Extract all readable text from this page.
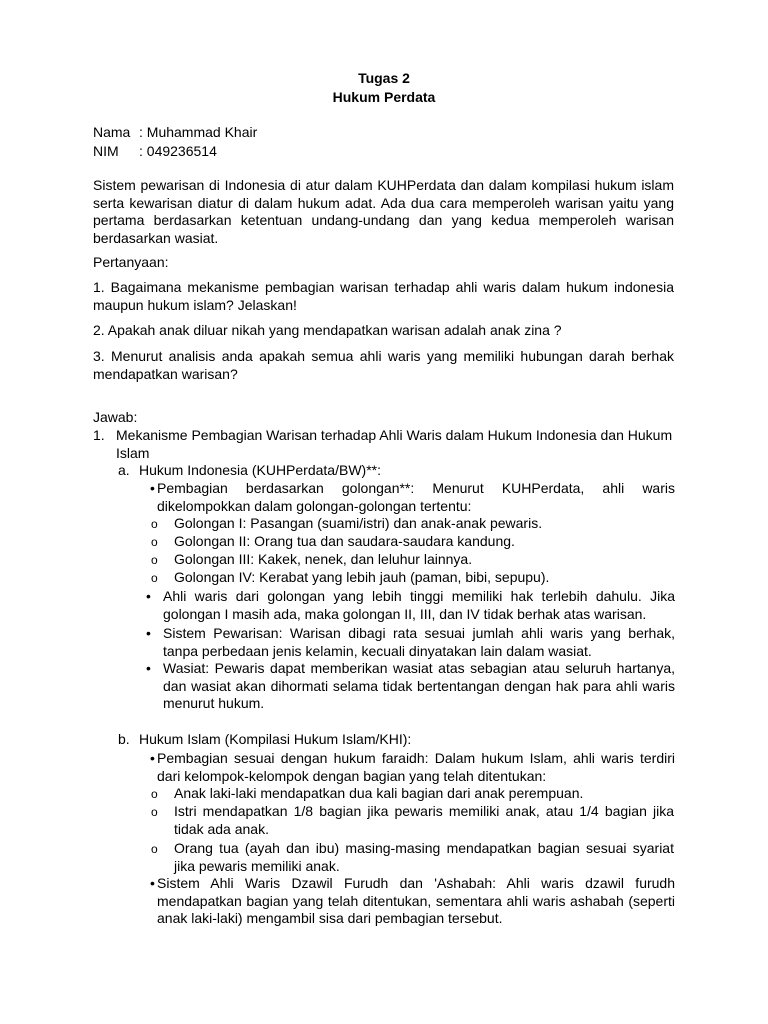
Tugas 2
Hukum Perdata
Nama : Muhammad Khair
NIM : 049236514

Sistem pewarisan di Indonesia di atur dalam KUHPerdata dan dalam kompilasi hukum islam serta kewarisan diatur di dalam hukum adat. Ada dua cara memperoleh warisan yaitu yang pertama berdasarkan ketentuan undang-undang dan yang kedua memperoleh warisan berdasarkan wasiat.

Pertanyaan:

1. Bagaimana mekanisme pembagian warisan terhadap ahli waris dalam hukum indonesia maupun hukum islam? Jelaskan!

2. Apakah anak diluar nikah yang mendapatkan warisan adalah anak zina ?

3. Menurut analisis anda apakah semua ahli waris yang memiliki hubungan darah berhak mendapatkan warisan?

Jawab:

1. Mekanisme Pembagian Warisan terhadap Ahli Waris dalam Hukum Indonesia dan Hukum Islam
a. Hukum Indonesia (KUHPerdata/BW)**:
• Pembagian berdasarkan golongan**: Menurut KUHPerdata, ahli waris dikelompokkan dalam golongan-golongan tertentu:
o Golongan I: Pasangan (suami/istri) dan anak-anak pewaris.
o Golongan II: Orang tua dan saudara-saudara kandung.
o Golongan III: Kakek, nenek, dan leluhur lainnya.
o Golongan IV: Kerabat yang lebih jauh (paman, bibi, sepupu).
• Ahli waris dari golongan yang lebih tinggi memiliki hak terlebih dahulu. Jika golongan I masih ada, maka golongan II, III, dan IV tidak berhak atas warisan.
• Sistem Pewarisan: Warisan dibagi rata sesuai jumlah ahli waris yang berhak, tanpa perbedaan jenis kelamin, kecuali dinyatakan lain dalam wasiat.
• Wasiat: Pewaris dapat memberikan wasiat atas sebagian atau seluruh hartanya, dan wasiat akan dihormati selama tidak bertentangan dengan hak para ahli waris menurut hukum.
b. Hukum Islam (Kompilasi Hukum Islam/KHI):
• Pembagian sesuai dengan hukum faraidh: Dalam hukum Islam, ahli waris terdiri dari kelompok-kelompok dengan bagian yang telah ditentukan:
o Anak laki-laki mendapatkan dua kali bagian dari anak perempuan.
o Istri mendapatkan 1/8 bagian jika pewaris memiliki anak, atau 1/4 bagian jika tidak ada anak.
o Orang tua (ayah dan ibu) masing-masing mendapatkan bagian sesuai syariat jika pewaris memiliki anak.
• Sistem Ahli Waris Dzawil Furudh dan 'Ashabah: Ahli waris dzawil furudh mendapatkan bagian yang telah ditentukan, sementara ahli waris ashabah (seperti anak laki-laki) mengambil sisa dari pembagian tersebut.
